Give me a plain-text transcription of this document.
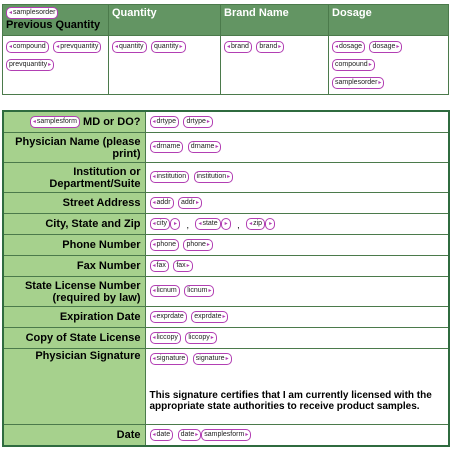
◂ samplesorder Previous Quantity	Quantity	Brand Name	Dosage
◂ compound ◂ prevquantity prevquantity ▸	◂ quantity quantity ▸	◂ brand brand ▸	◂ dosage dosage ▸
compound ▸
samplesorder ▸
◂ samplesform MD or DO?	◂ drtype drtype ▸
Physician Name (please print)	◂ drname drname ▸
Institution or Department/Suite	◂ institution institution ▸
Street Address	◂ addr addr ▸
City, State and Zip	◂ city ▸ , ◂ state ▸ , ◂ zip▸
Phone Number	◂ phone phone ▸
Fax Number	◂ fax fax ▸
State License Number (required by law)	◂ licnum licnum ▸
Expiration Date	◂ exprdate exprdate ▸
Copy of State License	◂ liccopy liccopy ▸
Physician Signature	◂ signature signature ▸
This signature certifies that I am currently licensed with the appropriate state authorities to receive product samples.

Date	◂ date date ▸ samplesform ▸
